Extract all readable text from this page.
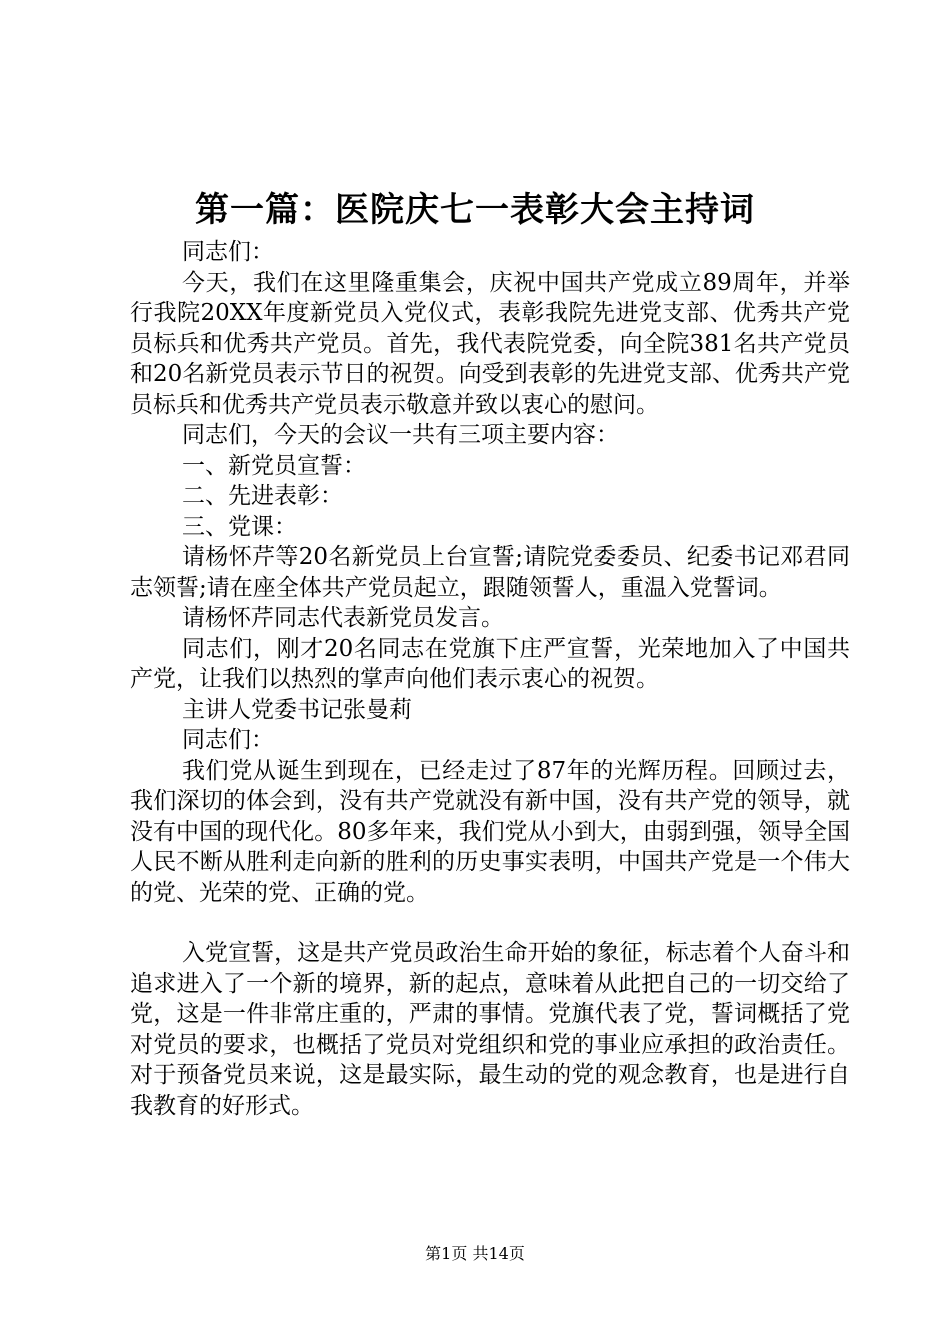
第一篇：医院庆七一表彰大会主持词

同志们：

今天，我们在这里隆重集会，庆祝中国共产党成立89周年，并举行我院20XX年度新党员入党仪式，表彰我院先进党支部、优秀共产党员标兵和优秀共产党员。首先，我代表院党委，向全院381名共产党员和20名新党员表示节日的祝贺。向受到表彰的先进党支部、优秀共产党员标兵和优秀共产党员表示敬意并致以衷心的慰问。

同志们，今天的会议一共有三项主要内容：

一、新党员宣誓：

二、先进表彰：

三、党课：

请杨怀芹等20名新党员上台宣誓;请院党委委员、纪委书记邓君同志领誓;请在座全体共产党员起立，跟随领誓人，重温入党誓词。

请杨怀芹同志代表新党员发言。

同志们，刚才20名同志在党旗下庄严宣誓，光荣地加入了中国共产党，让我们以热烈的掌声向他们表示衷心的祝贺。

主讲人党委书记张曼莉

同志们：

我们党从诞生到现在，已经走过了87年的光辉历程。回顾过去，我们深切的体会到，没有共产党就没有新中国，没有共产党的领导，就没有中国的现代化。80多年来，我们党从小到大，由弱到强，领导全国人民不断从胜利走向新的胜利的历史事实表明，中国共产党是一个伟大的党、光荣的党、正确的党。

入党宣誓，这是共产党员政治生命开始的象征，标志着个人奋斗和追求进入了一个新的境界，新的起点，意味着从此把自己的一切交给了党，这是一件非常庄重的，严肃的事情。党旗代表了党，誓词概括了党对党员的要求，也概括了党员对党组织和党的事业应承担的政治责任。对于预备党员来说，这是最实际，最生动的党的观念教育，也是进行自我教育的好形式。

第1页 共14页
